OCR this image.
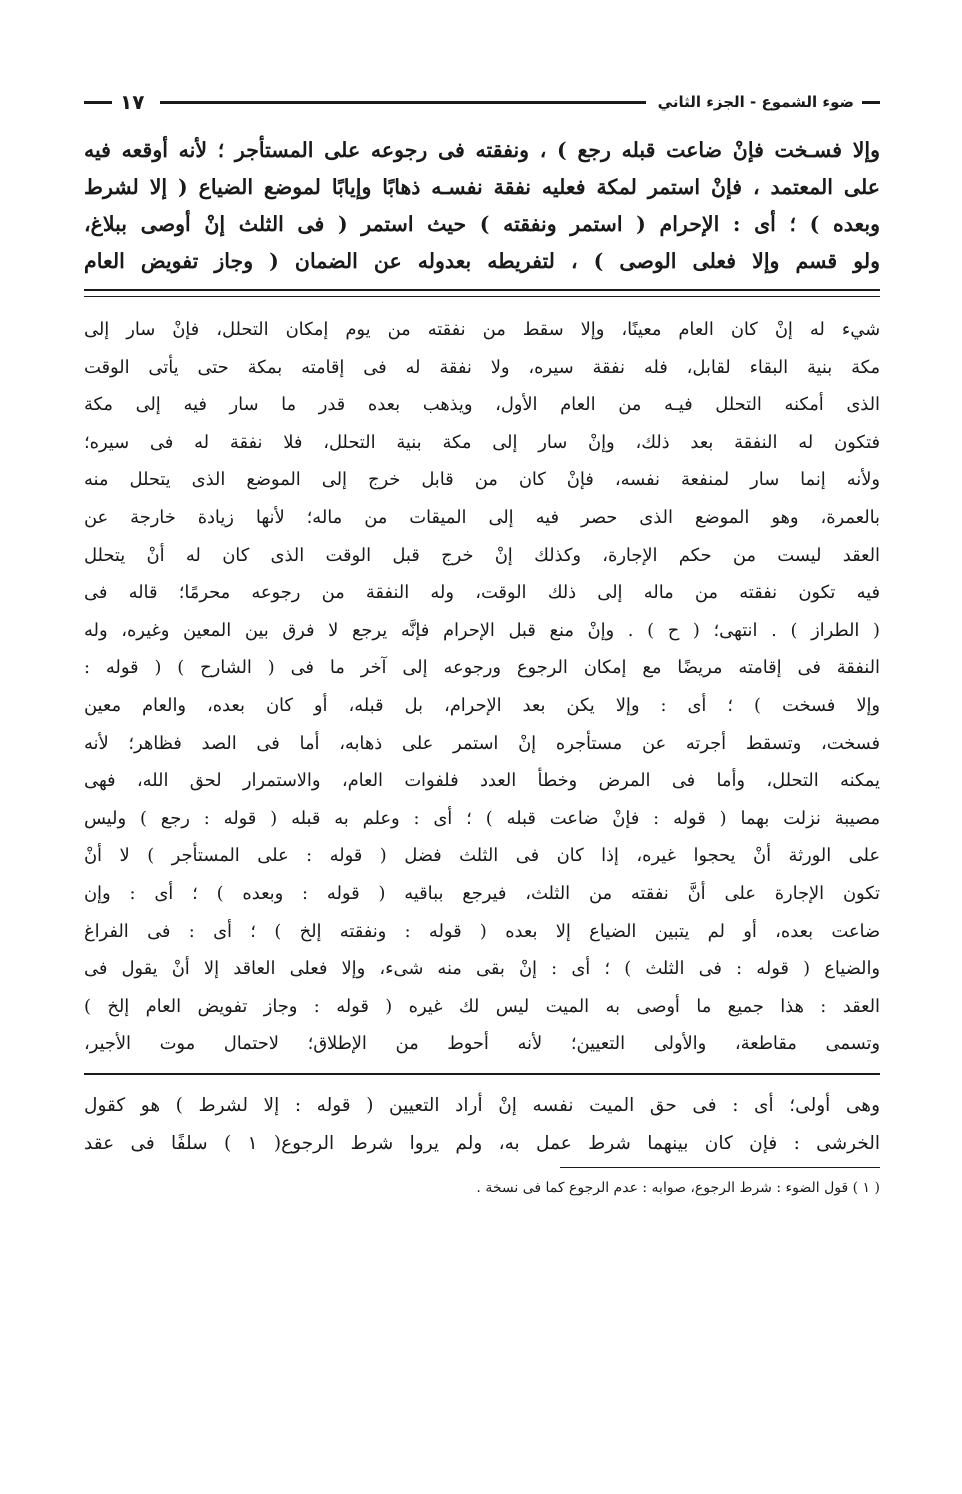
ضوء الشموع - الجزء الثاني
١٧

وإلا فسـخت فإنْ ضاعت قبله رجع ) ، ونفقته فى رجوعه على المستأجر ؛ لأنه أوقعه فيه

على المعتمد ، فإنْ استمر لمكة فعليه نفقة نفسـه ذهابًا وإيابًا لموضع الضياع ( إلا لشرط

وبعده ) ؛ أى : الإحرام ( استمر ونفقته ) حيث استمر ( فى الثلث إنْ أوصى ببلاغ،

ولو قسم وإلا فعلى الوصى ) ، لتفريطه بعدوله عن الضمان ( وجاز تفويض العام

شيء له إنْ كان العام معينًا، وإلا سقط من نفقته من يوم إمكان التحلل، فإنْ سار إلى

مكة بنية البقاء لقابل، فله نفقة سيره، ولا نفقة له فى إقامته بمكة حتى يأتى الوقت

الذى أمكنه التحلل فيـه من العام الأول، ويذهب بعده قدر ما سار فيه إلى مكة

فتكون له النفقة بعد ذلك، وإنْ سار إلى مكة بنية التحلل، فلا نفقة له فى سيره؛

ولأنه إنما سار لمنفعة نفسه، فإنْ كان من قابل خرج إلى الموضع الذى يتحلل منه

بالعمرة، وهو الموضع الذى حصر فيه إلى الميقات من ماله؛ لأنها زيادة خارجة عن

العقد ليست من حكم الإجارة، وكذلك إنْ خرج قبل الوقت الذى كان له أنْ يتحلل

فيه تكون نفقته من ماله إلى ذلك الوقت، وله النفقة من رجوعه محرمًا؛ قاله فى

( الطراز ) . انتهى؛ ( ح ) . وإنْ منع قبل الإحرام فإنَّه يرجع لا فرق بين المعين وغيره، وله

النفقة فى إقامته مريضًا مع إمكان الرجوع ورجوعه إلى آخر ما فى ( الشارح ) ( قوله :

وإلا فسخت ) ؛ أى : وإلا يكن بعد الإحرام، بل قبله، أو كان بعده، والعام معين

فسخت، وتسقط أجرته عن مستأجره إنْ استمر على ذهابه، أما فى الصد فظاهر؛ لأنه

يمكنه التحلل، وأما فى المرض وخطأ العدد فلفوات العام، والاستمرار لحق الله، فهى

مصيبة نزلت بهما ( قوله : فإنْ ضاعت قبله ) ؛ أى : وعلم به قبله ( قوله : رجع ) وليس

على الورثة أنْ يحجوا غيره، إذا كان فى الثلث فضل ( قوله : على المستأجر ) لا أنْ

تكون الإجارة على أنَّ نفقته من الثلث، فيرجع بباقيه ( قوله : وبعده ) ؛ أى : وإن

ضاعت بعده، أو لم يتبين الضياع إلا بعده ( قوله : ونفقته إلخ ) ؛ أى : فى الفراغ

والضياع ( قوله : فى الثلث ) ؛ أى : إنْ بقى منه شىء، وإلا فعلى العاقد إلا أنْ يقول فى

العقد : هذا جميع ما أوصى به الميت ليس لك غيره ( قوله : وجاز تفويض العام إلخ )

وتسمى مقاطعة، والأولى التعيين؛ لأنه أحوط من الإطلاق؛ لاحتمال موت الأجير،

وهى أولى؛ أى : فى حق الميت نفسه إنْ أراد التعيين ( قوله : إلا لشرط ) هو كقول

الخرشى : فإن كان بينهما شرط عمل به، ولم يروا شرط الرجوع( ١ ) سلفًا فى عقد

( ١ ) قول الضوء : شرط الرجوع، صوابه : عدم الرجوع كما فى نسخة .
